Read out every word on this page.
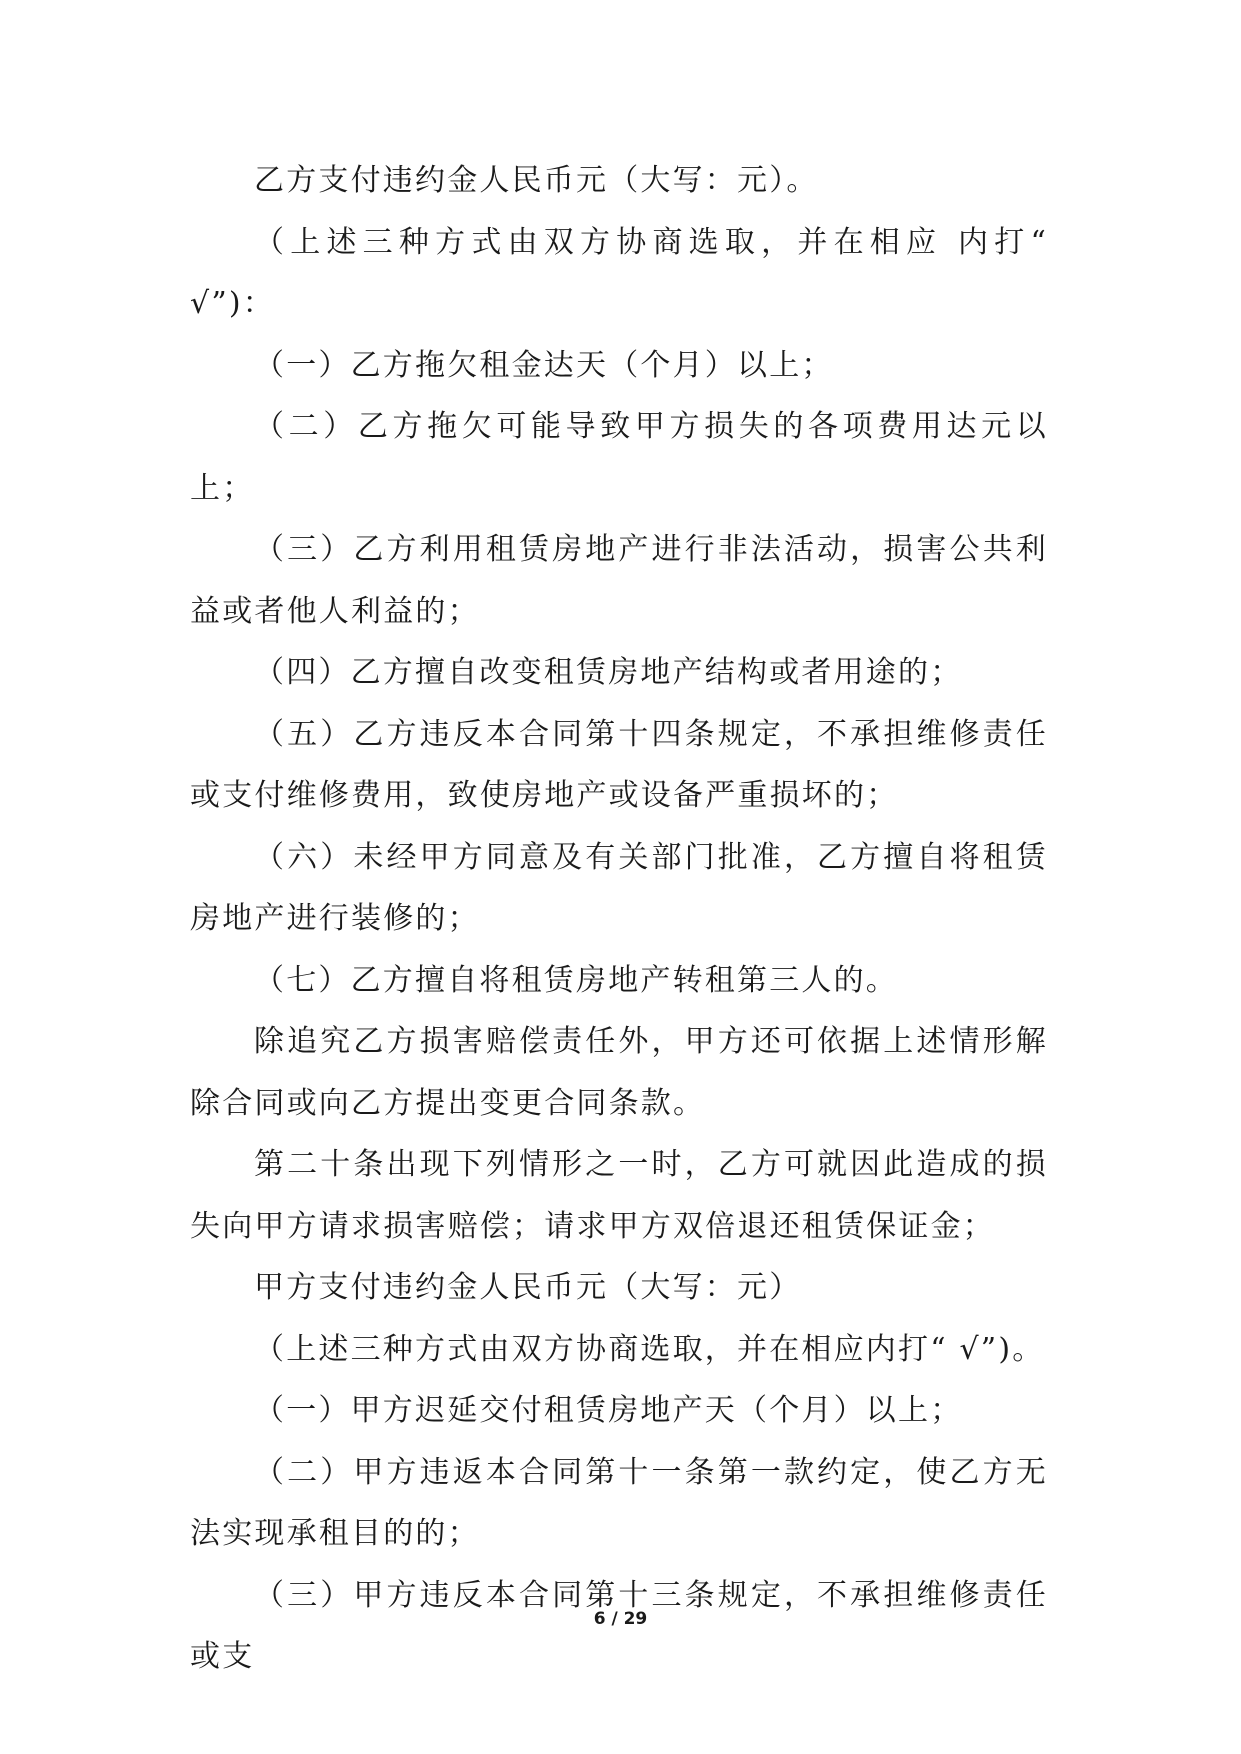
乙方支付违约金人民币元（大写：元）。

（上述三种方式由双方协商选取，并在相应 内打“ √”)：

（一）乙方拖欠租金达天（个月）以上；

（二）乙方拖欠可能导致甲方损失的各项费用达元以上；

（三）乙方利用租赁房地产进行非法活动，损害公共利益或者他人利益的；

（四）乙方擅自改变租赁房地产结构或者用途的；

（五）乙方违反本合同第十四条规定，不承担维修责任或支付维修费用，致使房地产或设备严重损坏的；

（六）未经甲方同意及有关部门批准，乙方擅自将租赁房地产进行装修的；

（七）乙方擅自将租赁房地产转租第三人的。

除追究乙方损害赔偿责任外，甲方还可依据上述情形解除合同或向乙方提出变更合同条款。

第二十条出现下列情形之一时，乙方可就因此造成的损失向甲方请求损害赔偿；请求甲方双倍退还租赁保证金；

甲方支付违约金人民币元（大写：元）

（上述三种方式由双方协商选取，并在相应内打“ √”)。

（一）甲方迟延交付租赁房地产天（个月）以上；

（二）甲方违返本合同第十一条第一款约定，使乙方无法实现承租目的的；

（三）甲方违反本合同第十三条规定，不承担维修责任或支

6 / 29
